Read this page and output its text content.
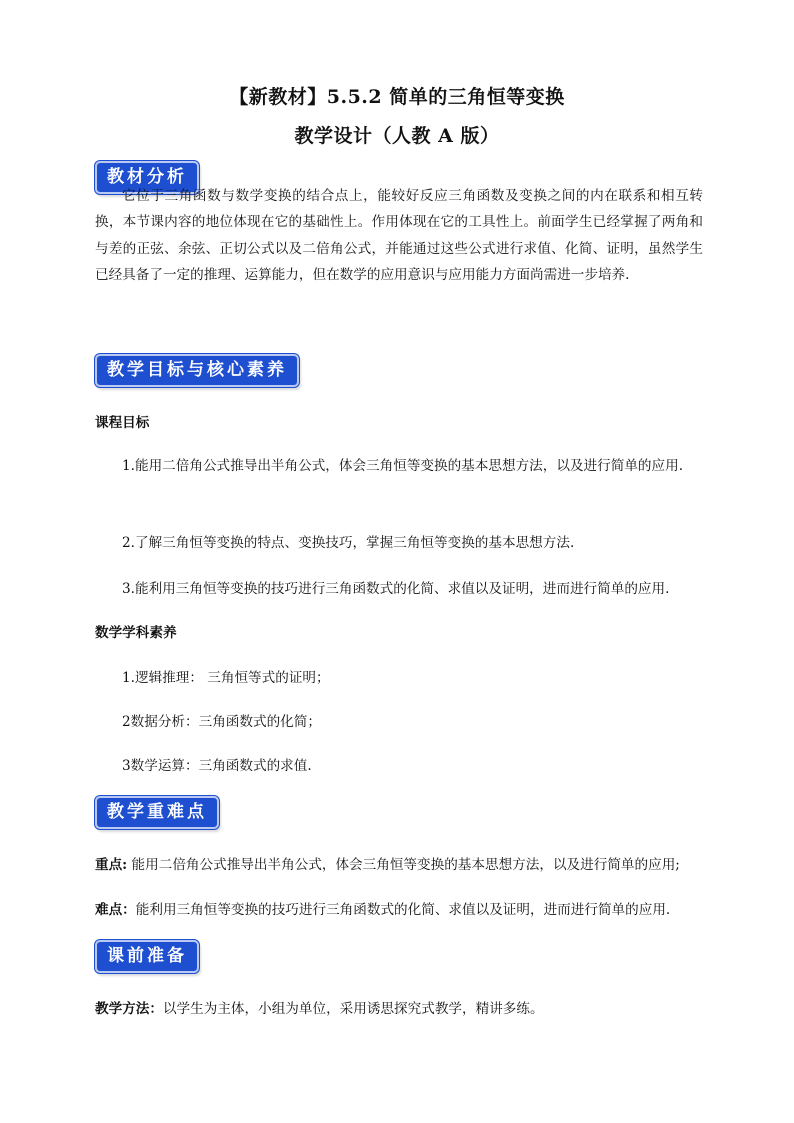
【新教材】5.5.2 简单的三角恒等变换
教学设计（人教 A 版）
教材分析
它位于三角函数与数学变换的结合点上，能较好反应三角函数及变换之间的内在联系和相互转换，本节课内容的地位体现在它的基础性上。作用体现在它的工具性上。前面学生已经掌握了两角和与差的正弦、余弦、正切公式以及二倍角公式，并能通过这些公式进行求值、化简、证明，虽然学生已经具备了一定的推理、运算能力，但在数学的应用意识与应用能力方面尚需进一步培养.
教学目标与核心素养
课程目标
1.能用二倍角公式推导出半角公式，体会三角恒等变换的基本思想方法，以及进行简单的应用.
2.了解三角恒等变换的特点、变换技巧，掌握三角恒等变换的基本思想方法.
3.能利用三角恒等变换的技巧进行三角函数式的化简、求值以及证明，进而进行简单的应用.
数学学科素养
1.逻辑推理： 三角恒等式的证明；
2数据分析：三角函数式的化简；
3数学运算：三角函数式的求值.
教学重难点
重点: 能用二倍角公式推导出半角公式，体会三角恒等变换的基本思想方法，以及进行简单的应用;
难点：能利用三角恒等变换的技巧进行三角函数式的化简、求值以及证明，进而进行简单的应用.
课前准备
教学方法：以学生为主体，小组为单位，采用诱思探究式教学，精讲多练。
